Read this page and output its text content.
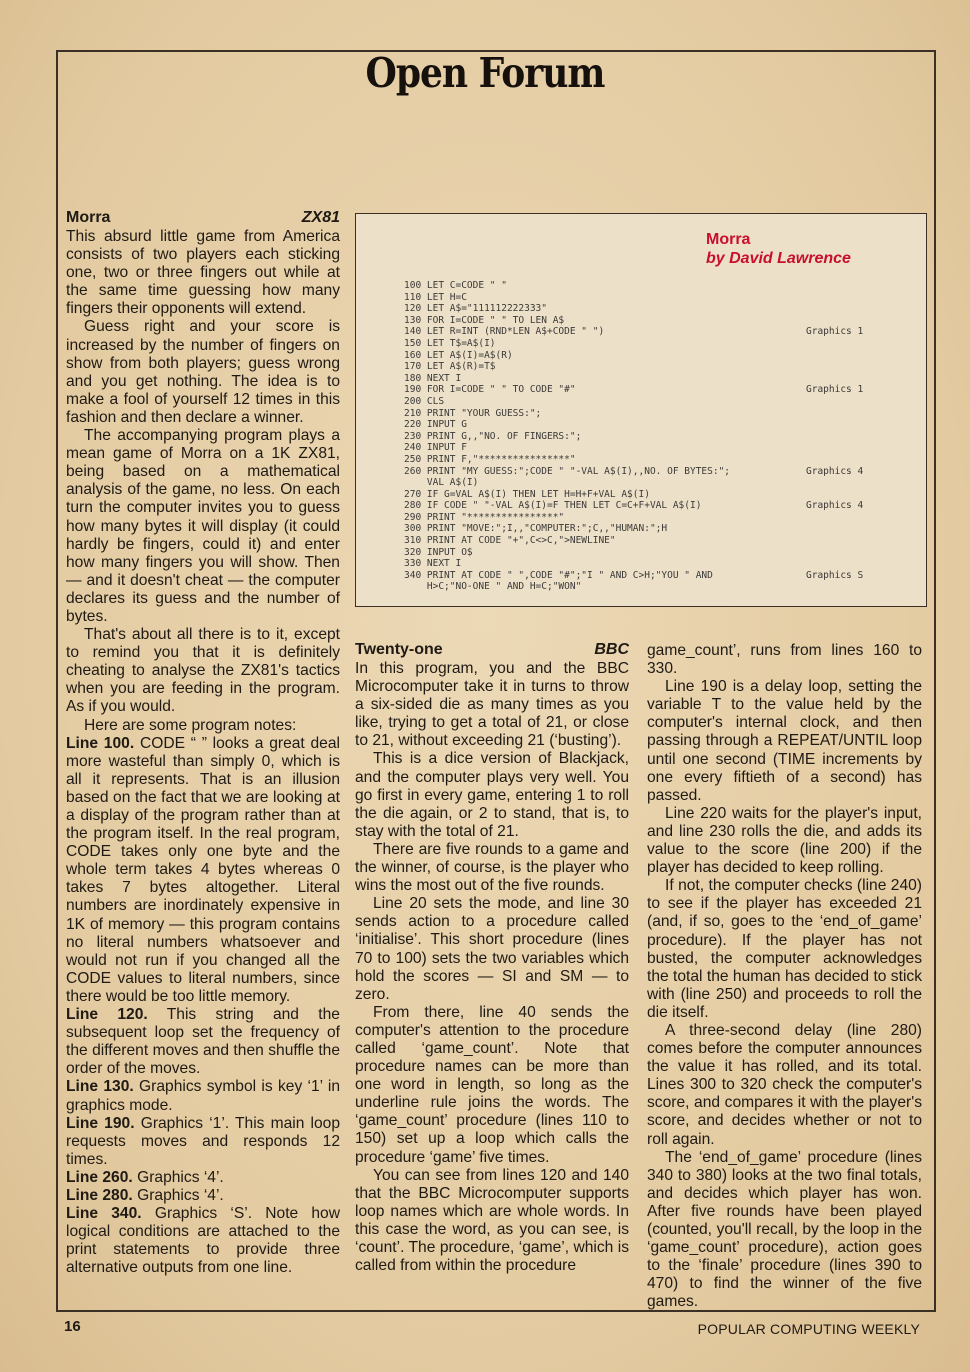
Open Forum
Morra	ZX81

This absurd little game from America consists of two players each sticking one, two or three fingers out while at the same time guessing how many fingers their opponents will extend.

Guess right and your score is increased by the number of fingers on show from both players; guess wrong and you get nothing. The idea is to make a fool of yourself 12 times in this fashion and then declare a winner.

The accompanying program plays a mean game of Morra on a 1K ZX81, being based on a mathematical analysis of the game, no less. On each turn the computer invites you to guess how many bytes it will display (it could hardly be fingers, could it) and enter how many fingers you will show. Then — and it doesn't cheat — the computer declares its guess and the number of bytes.

That's about all there is to it, except to remind you that it is definitely cheating to analyse the ZX81's tactics when you are feeding in the program. As if you would.

Here are some program notes:

Line 100. CODE “ ” looks a great deal more wasteful than simply 0, which is all it represents. That is an illusion based on the fact that we are looking at a display of the program rather than at the program itself. In the real program, CODE takes only one byte and the whole term takes 4 bytes whereas 0 takes 7 bytes altogether. Literal numbers are inordinately expensive in 1K of memory — this program contains no literal numbers whatsoever and would not run if you changed all the CODE values to literal numbers, since there would be too little memory.

Line 120. This string and the subsequent loop set the frequency of the different moves and then shuffle the order of the moves.

Line 130. Graphics symbol is key ‘1’ in graphics mode.

Line 190. Graphics ‘1’. This main loop requests moves and responds 12 times.

Line 260. Graphics ‘4’.

Line 280. Graphics ‘4’.

Line 340. Graphics ‘S’. Note how logical conditions are attached to the print statements to provide three alternative outputs from one line.

Morra
by David Lawrence
100 LET C=CODE " "
110 LET H=C
120 LET A$="111112222333"
130 FOR I=CODE " " TO LEN A$
140 LET R=INT (RND*LEN A$+CODE " ")	Graphics 1
150 LET T$=A$(I)
160 LET A$(I)=A$(R)
170 LET A$(R)=T$
180 NEXT I
190 FOR I=CODE " " TO CODE "#"	Graphics 1
200 CLS
210 PRINT "YOUR GUESS:";
220 INPUT G
230 PRINT G,,"NO. OF FINGERS:";
240 INPUT F
250 PRINT F,"****************"
260 PRINT "MY GUESS:";CODE " "-VAL A$(I),,NO. OF BYTES:";	Graphics 4
VAL A$(I)
270 IF G=VAL A$(I) THEN LET H=H+F+VAL A$(I)
280 IF CODE " "-VAL A$(I)=F THEN LET C=C+F+VAL A$(I)	Graphics 4
290 PRINT "****************"
300 PRINT "MOVE:";I,,"COMPUTER:";C,,"HUMAN:";H
310 PRINT AT CODE "+",C<>C,">NEWLINE"
320 INPUT O$
330 NEXT I
340 PRINT AT CODE " ",CODE "#";"I " AND C>H;"YOU " AND	Graphics S
H>C;"NO-ONE " AND H=C;"WON"
Twenty-one	BBC

In this program, you and the BBC Microcomputer take it in turns to throw a six-sided die as many times as you like, trying to get a total of 21, or close to 21, without exceeding 21 (‘busting’).

This is a dice version of Blackjack, and the computer plays very well. You go first in every game, entering 1 to roll the die again, or 2 to stand, that is, to stay with the total of 21.

There are five rounds to a game and the winner, of course, is the player who wins the most out of the five rounds.

Line 20 sets the mode, and line 30 sends action to a procedure called ‘initialise’. This short procedure (lines 70 to 100) sets the two variables which hold the scores — SI and SM — to zero.

From there, line 40 sends the computer's attention to the procedure called ‘game_count’. Note that procedure names can be more than one word in length, so long as the underline rule joins the words. The ‘game_count’ procedure (lines 110 to 150) set up a loop which calls the procedure ‘game’ five times.

You can see from lines 120 and 140 that the BBC Microcomputer supports loop names which are whole words. In this case the word, as you can see, is ‘count’. The procedure, ‘game’, which is called from within the procedure

game_count’, runs from lines 160 to 330.

Line 190 is a delay loop, setting the variable T to the value held by the computer's internal clock, and then passing through a REPEAT/UNTIL loop until one second (TIME increments by one every fiftieth of a second) has passed.

Line 220 waits for the player's input, and line 230 rolls the die, and adds its value to the score (line 200) if the player has decided to keep rolling.

If not, the computer checks (line 240) to see if the player has exceeded 21 (and, if so, goes to the ‘end_of_game’ procedure). If the player has not busted, the computer acknowledges the total the human has decided to stick with (line 250) and proceeds to roll the die itself.

A three-second delay (line 280) comes before the computer announces the value it has rolled, and its total. Lines 300 to 320 check the computer's score, and compares it with the player's score, and decides whether or not to roll again.

The ‘end_of_game’ procedure (lines 340 to 380) looks at the two final totals, and decides which player has won. After five rounds have been played (counted, you'll recall, by the loop in the ‘game_count’ procedure), action goes to the ‘finale’ procedure (lines 390 to 470) to find the winner of the five games.

16	POPULAR COMPUTING WEEKLY
